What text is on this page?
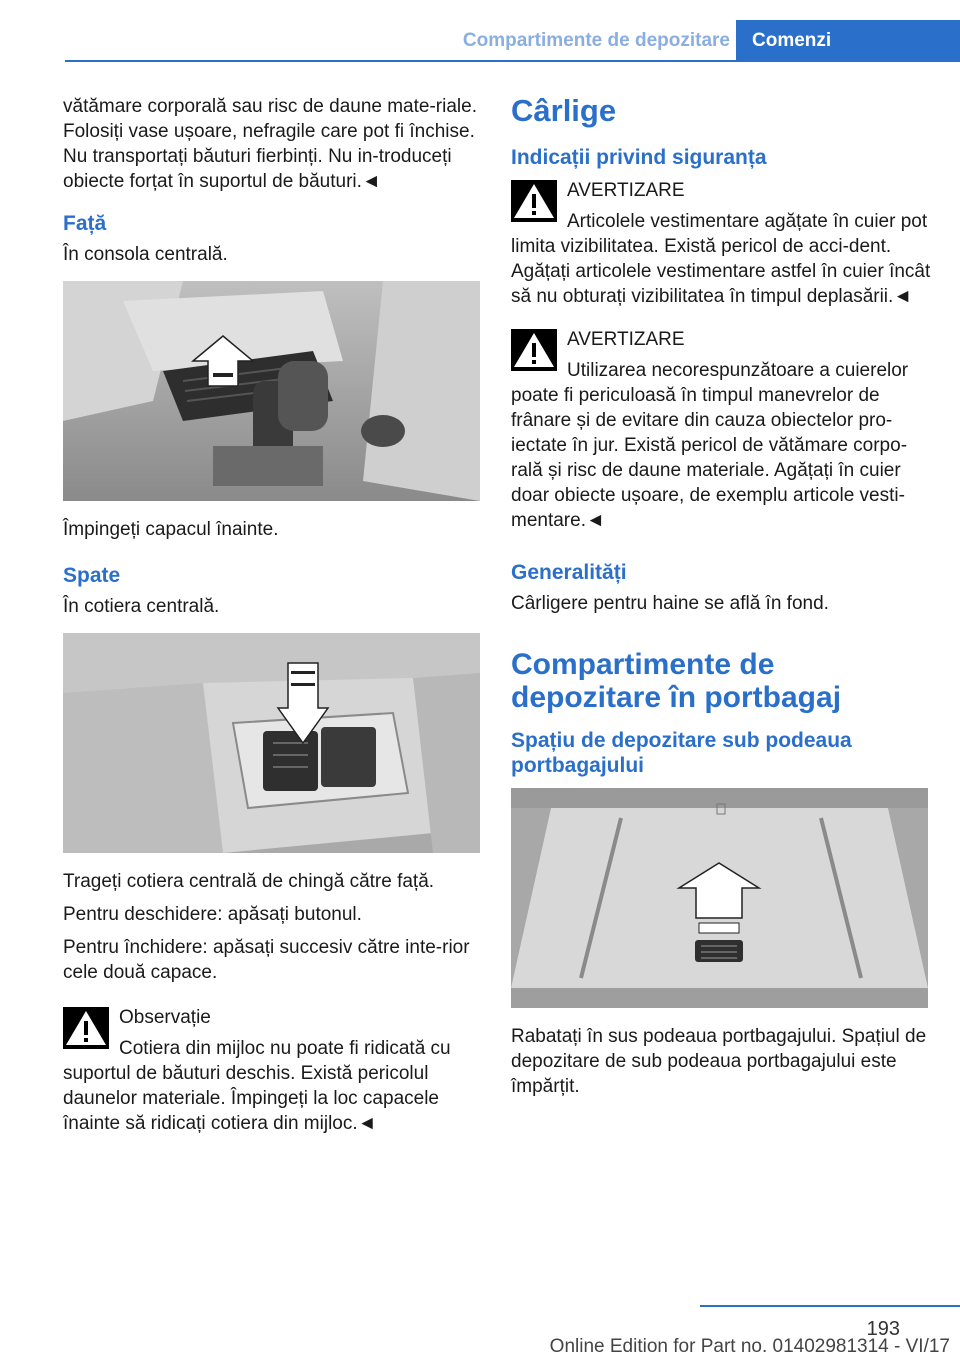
Compartimente de depozitare	Comenzi

vătămare corporală sau risc de daune mate-riale. Folosiți vase ușoare, nefragile care pot fi închise. Nu transportați băuturi fierbinți. Nu in-troduceți obiecte forțat în suportul de băuturi.◄

Față

În consola centrală.

Împingeți capacul înainte.

Spate

În cotiera centrală.

Trageți cotiera centrală de chingă către față.

Pentru deschidere: apăsați butonul.

Pentru închidere: apăsați succesiv către inte-rior cele două capace.

Observație
Cotiera din mijloc nu poate fi ridicată cu suportul de băuturi deschis. Există pericolul daunelor materiale. Împingeți la loc capacele înainte să ridicați cotiera din mijloc.◄
Cârlige
Indicații privind siguranța
AVERTIZARE
Articolele vestimentare agățate în cuier pot limita vizibilitatea. Există pericol de acci-dent. Agățați articolele vestimentare astfel în cuier încât să nu obturați vizibilitatea în timpul deplasării.◄
AVERTIZARE
Utilizarea necorespunzătoare a cuierelor poate fi periculoasă în timpul manevrelor de frânare și de evitare din cauza obiectelor pro-iectate în jur. Există pericol de vătămare corpo-rală și risc de daune materiale. Agățați în cuier doar obiecte ușoare, de exemplu articole vesti-mentare.◄
Generalități

Cârligere pentru haine se află în fond.

Compartimente de depozitare în portbagaj
Spațiu de depozitare sub podeaua portbagajului

Rabatați în sus podeaua portbagajului. Spațiul de depozitare de sub podeaua portbagajului este împărțit.

193
Online Edition for Part no. 01402981314 - VI/17
